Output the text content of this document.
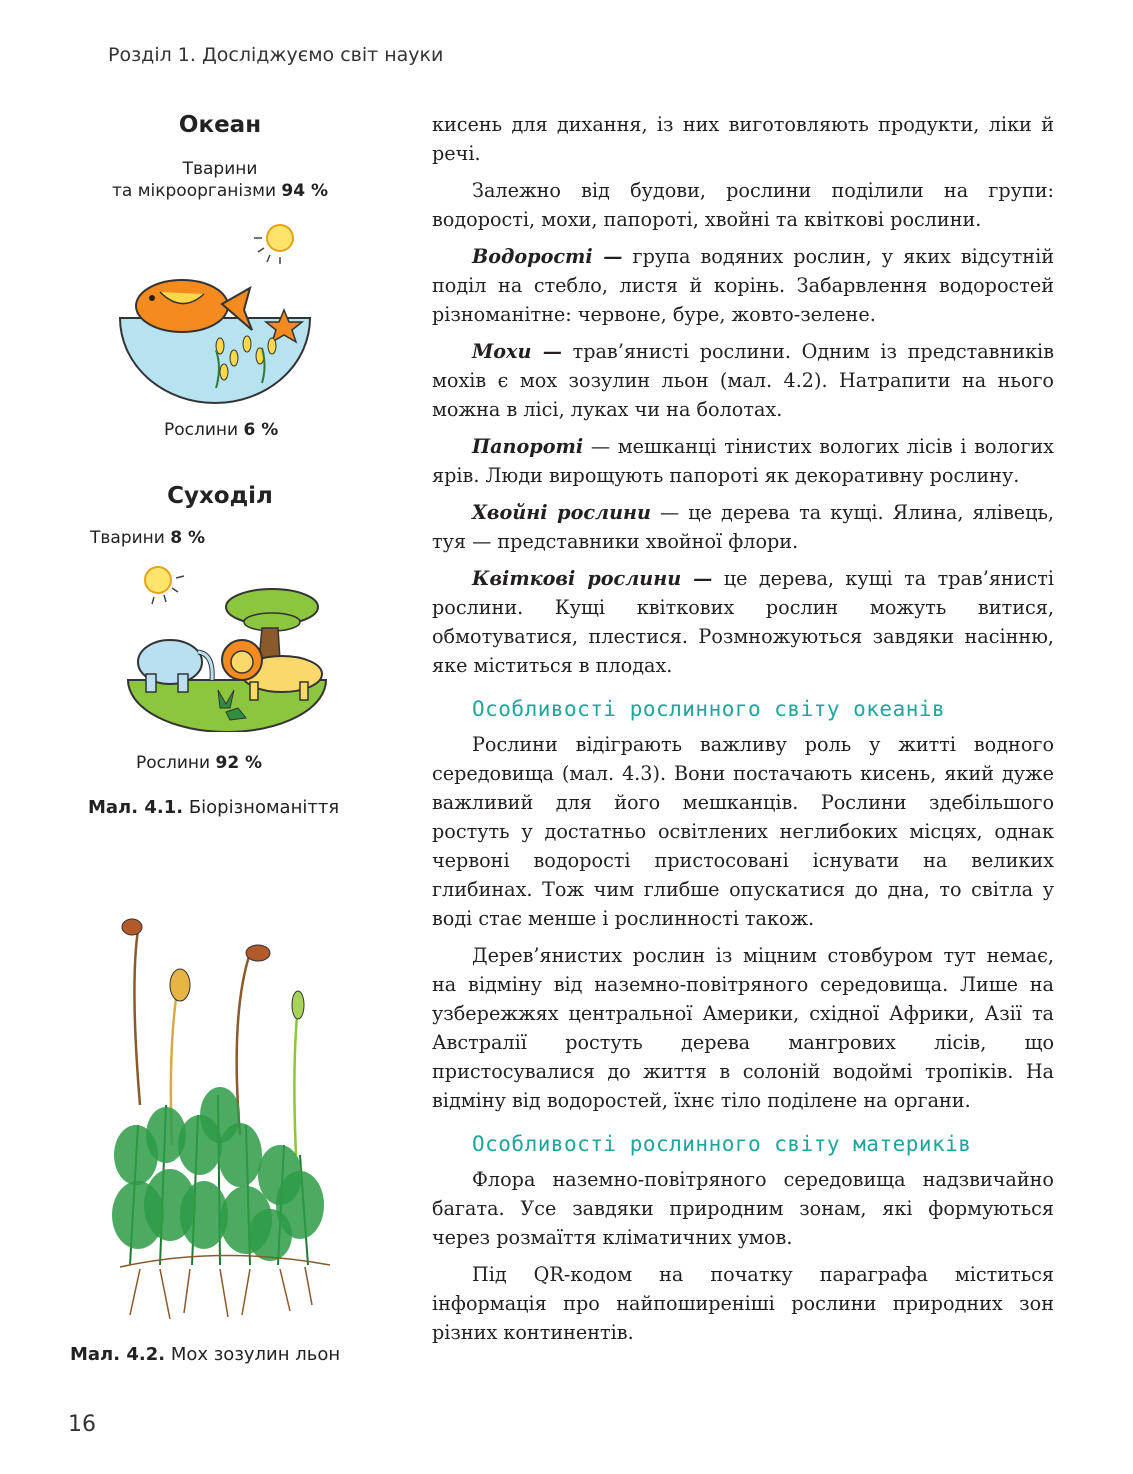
Розділ 1. Досліджуємо світ науки
Океан
Тварини
та мікроорганізми 94 %
Рослини 6 %
Суходіл
Тварини 8 %
Рослини 92 %
Мал. 4.1. Біорізноманіття
Мал. 4.2. Мох зозулин льон

кисень для дихання, із них виготовляють продукти, ліки й речі.

Залежно від будови, рослини поділили на групи: водорості, мохи, папороті, хвойні та квіткові рослини.

Водорості — група водяних рослин, у яких відсутній поділ на стебло, листя й корінь. Забарвлення водоростей різноманітне: червоне, буре, жовто-зелене.

Мохи — трав’янисті рослини. Одним із представників мохів є мох зозулин льон (мал. 4.2). Натрапити на нього можна в лісі, луках чи на болотах.

Папороті — мешканці тінистих вологих лісів і вологих ярів. Люди вирощують папороті як декоративну рослину.

Хвойні рослини — це дерева та кущі. Ялина, ялівець, туя — представники хвойної флори.

Квіткові рослини — це дерева, кущі та трав’янисті рослини. Кущі квіткових рослин можуть витися, обмотуватися, плестися. Розмножуються завдяки насінню, яке міститься в плодах.

Особливості рослинного світу океанів

Рослини відіграють важливу роль у житті водного середовища (мал. 4.3). Вони постачають кисень, який дуже важливий для його мешканців. Рослини здебільшого ростуть у достатньо освітлених неглибоких місцях, однак червоні водорості пристосовані існувати на великих глибинах. Тож чим глибше опускатися до дна, то світла у воді стає менше і рослинності також.

Дерев’янистих рослин із міцним стовбуром тут немає, на відміну від наземно-повітряного середовища. Лише на узбережжях центральної Америки, східної Африки, Азії та Австралії ростуть дерева мангрових лісів, що пристосувалися до життя в солоній водоймі тропіків. На відміну від водоростей, їхнє тіло поділене на органи.

Особливості рослинного світу материків

Флора наземно-повітряного середовища надзвичайно багата. Усе завдяки природним зонам, які формуються через розмаїття кліматичних умов.

Під QR-кодом на початку параграфа міститься інформація про найпоширеніші рослини природних зон різних континентів.

16
